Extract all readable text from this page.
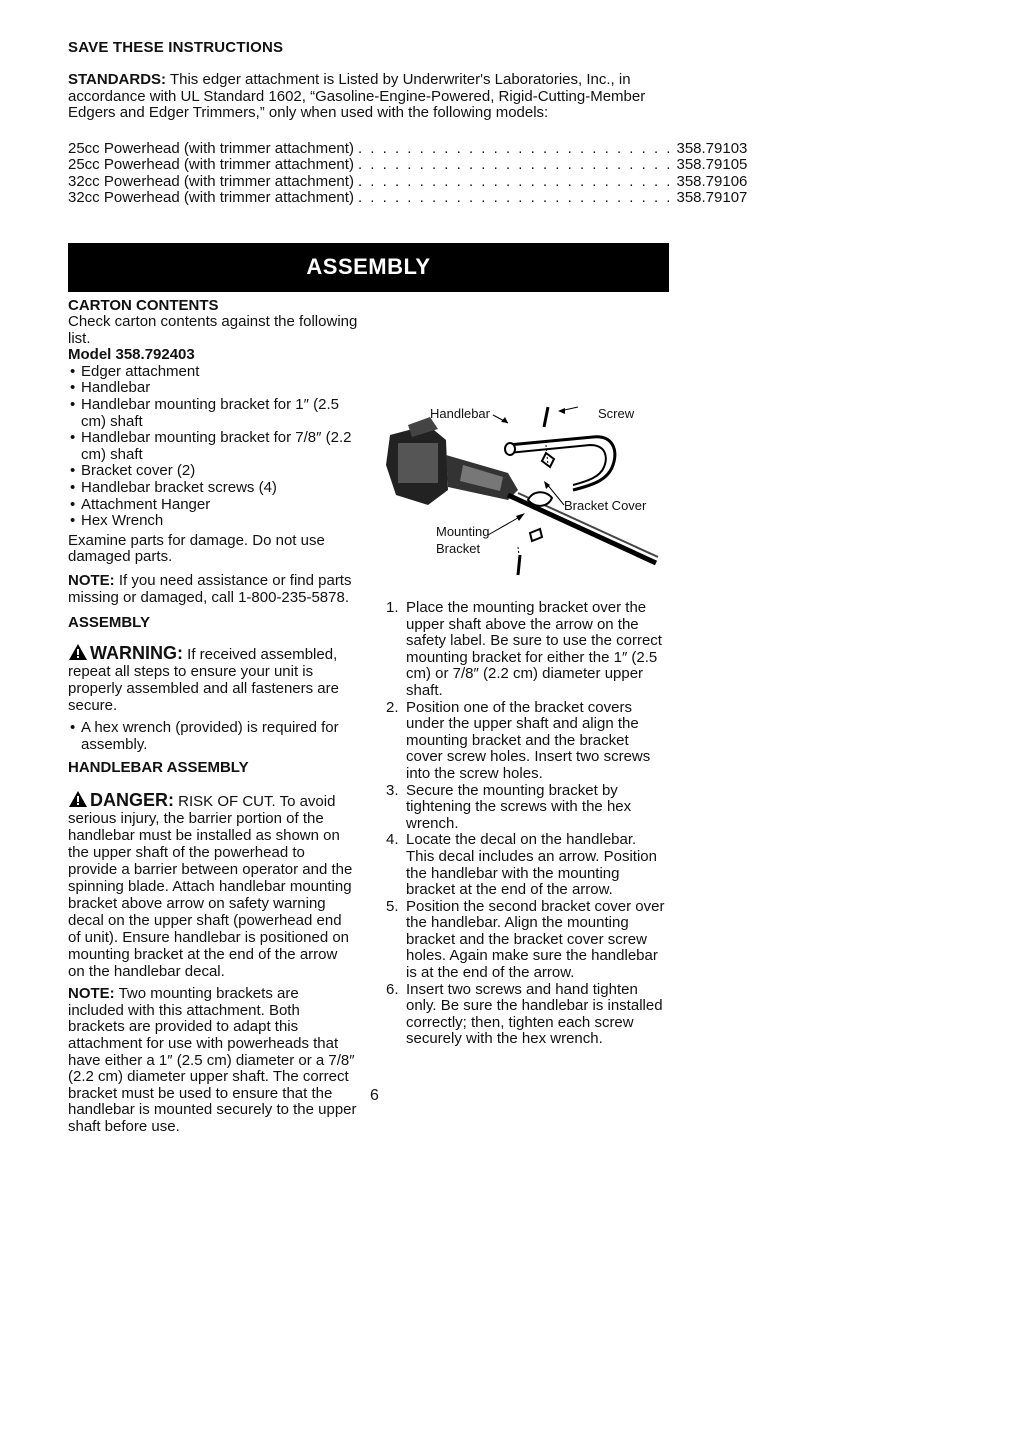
SAVE THESE INSTRUCTIONS
STANDARDS: This edger attachment is Listed by Underwriter's Laboratories, Inc., in accordance with UL Standard 1602, “Gasoline-Engine-Powered, Rigid-Cutting-Member Edgers and Edger Trimmers,” only when used with the following models:
25cc Powerhead (with trimmer attachment) . . . . . . . . . . . . . . . . . . . . . . . . . . 358.79103
25cc Powerhead (with trimmer attachment) . . . . . . . . . . . . . . . . . . . . . . . . . . 358.79105
32cc Powerhead (with trimmer attachment) . . . . . . . . . . . . . . . . . . . . . . . . . . 358.79106
32cc Powerhead (with trimmer attachment) . . . . . . . . . . . . . . . . . . . . . . . . . . 358.79107
ASSEMBLY
CARTON CONTENTS

Check carton contents against the following list.

Model 358.792403

• Edger attachment
• Handlebar
• Handlebar mounting bracket for 1″ (2.5 cm) shaft
• Handlebar mounting bracket for 7/8″ (2.2 cm) shaft
• Bracket cover (2)
• Handlebar bracket screws (4)
• Attachment Hanger
• Hex Wrench

Examine parts for damage. Do not use damaged parts.

NOTE: If you need assistance or find parts missing or damaged, call 1-800-235-5878.

ASSEMBLY

WARNING: If received assembled, repeat all steps to ensure your unit is properly assembled and all fasteners are secure.

• A hex wrench (provided) is required for assembly.
HANDLEBAR ASSEMBLY

DANGER: RISK OF CUT. To avoid serious injury, the barrier portion of the handlebar must be installed as shown on the upper shaft of the powerhead to provide a barrier between operator and the spinning blade. Attach handlebar mounting bracket above arrow on safety warning decal on the upper shaft (powerhead end of unit). Ensure handlebar is positioned on mounting bracket at the end of the arrow on the handlebar decal.

NOTE: Two mounting brackets are included with this attachment. Both brackets are provided to adapt this attachment for use with powerheads that have either a 1″ (2.5 cm) diameter or a 7/8″ (2.2 cm) diameter upper shaft. The correct bracket must be used to ensure that the handlebar is mounted securely to the upper shaft before use.

Handlebar	Screw
Bracket Cover
Mounting
Bracket

1. Place the mounting bracket over the upper shaft above the arrow on the safety label. Be sure to use the correct mounting bracket for either the 1″ (2.5 cm) or 7/8″ (2.2 cm) diameter upper shaft.
2. Position one of the bracket covers under the upper shaft and align the mounting bracket and the bracket cover screw holes. Insert two screws into the screw holes.
3. Secure the mounting bracket by tightening the screws with the hex wrench.
4. Locate the decal on the handlebar. This decal includes an arrow. Position the handlebar with the mounting bracket at the end of the arrow.
5. Position the second bracket cover over the handlebar. Align the mounting bracket and the bracket cover screw holes. Again make sure the handlebar is at the end of the arrow.
6. Insert two screws and hand tighten only. Be sure the handlebar is installed correctly; then, tighten each screw securely with the hex wrench.
6
